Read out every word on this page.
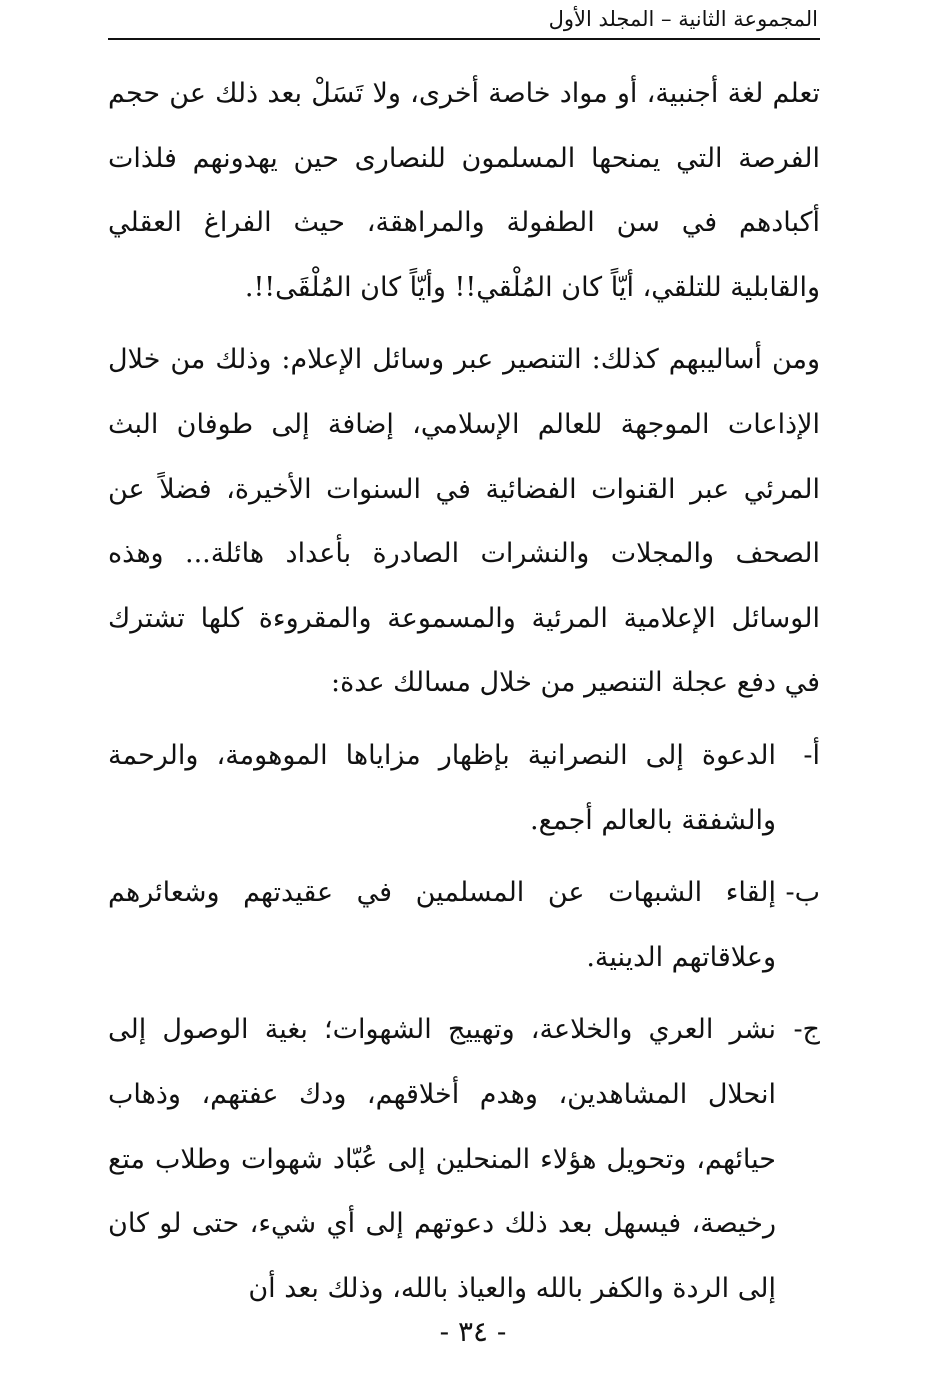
المجموعة الثانية – المجلد الأول

تعلم لغة أجنبية، أو مواد خاصة أخرى، ولا تَسَلْ بعد ذلك عن حجم الفرصة التي يمنحها المسلمون للنصارى حين يهدونهم فلذات أكبادهم في سن الطفولة والمراهقة، حيث الفراغ العقلي والقابلية للتلقي، أيّاً كان المُلْقي!! وأيّاً كان المُلْقَى!!.

ومن أساليبهم كذلك: التنصير عبر وسائل الإعلام: وذلك من خلال الإذاعات الموجهة للعالم الإسلامي، إضافة إلى طوفان البث المرئي عبر القنوات الفضائية في السنوات الأخيرة، فضلاً عن الصحف والمجلات والنشرات الصادرة بأعداد هائلة... وهذه الوسائل الإعلامية المرئية والمسموعة والمقروءة كلها تشترك في دفع عجلة التنصير من خلال مسالك عدة:

أ-
الدعوة إلى النصرانية بإظهار مزاياها الموهومة، والرحمة والشفقة بالعالم أجمع.
ب-
إلقاء الشبهات عن المسلمين في عقيدتهم وشعائرهم وعلاقاتهم الدينية.
ج-
نشر العري والخلاعة، وتهييج الشهوات؛ بغية الوصول إلى انحلال المشاهدين، وهدم أخلاقهم، ودك عفتهم، وذهاب حيائهم، وتحويل هؤلاء المنحلين إلى عُبّاد شهوات وطلاب متع رخيصة، فيسهل بعد ذلك دعوتهم إلى أي شيء، حتى لو كان إلى الردة والكفر بالله والعياذ بالله، وذلك بعد أن
- ٣٤ -
